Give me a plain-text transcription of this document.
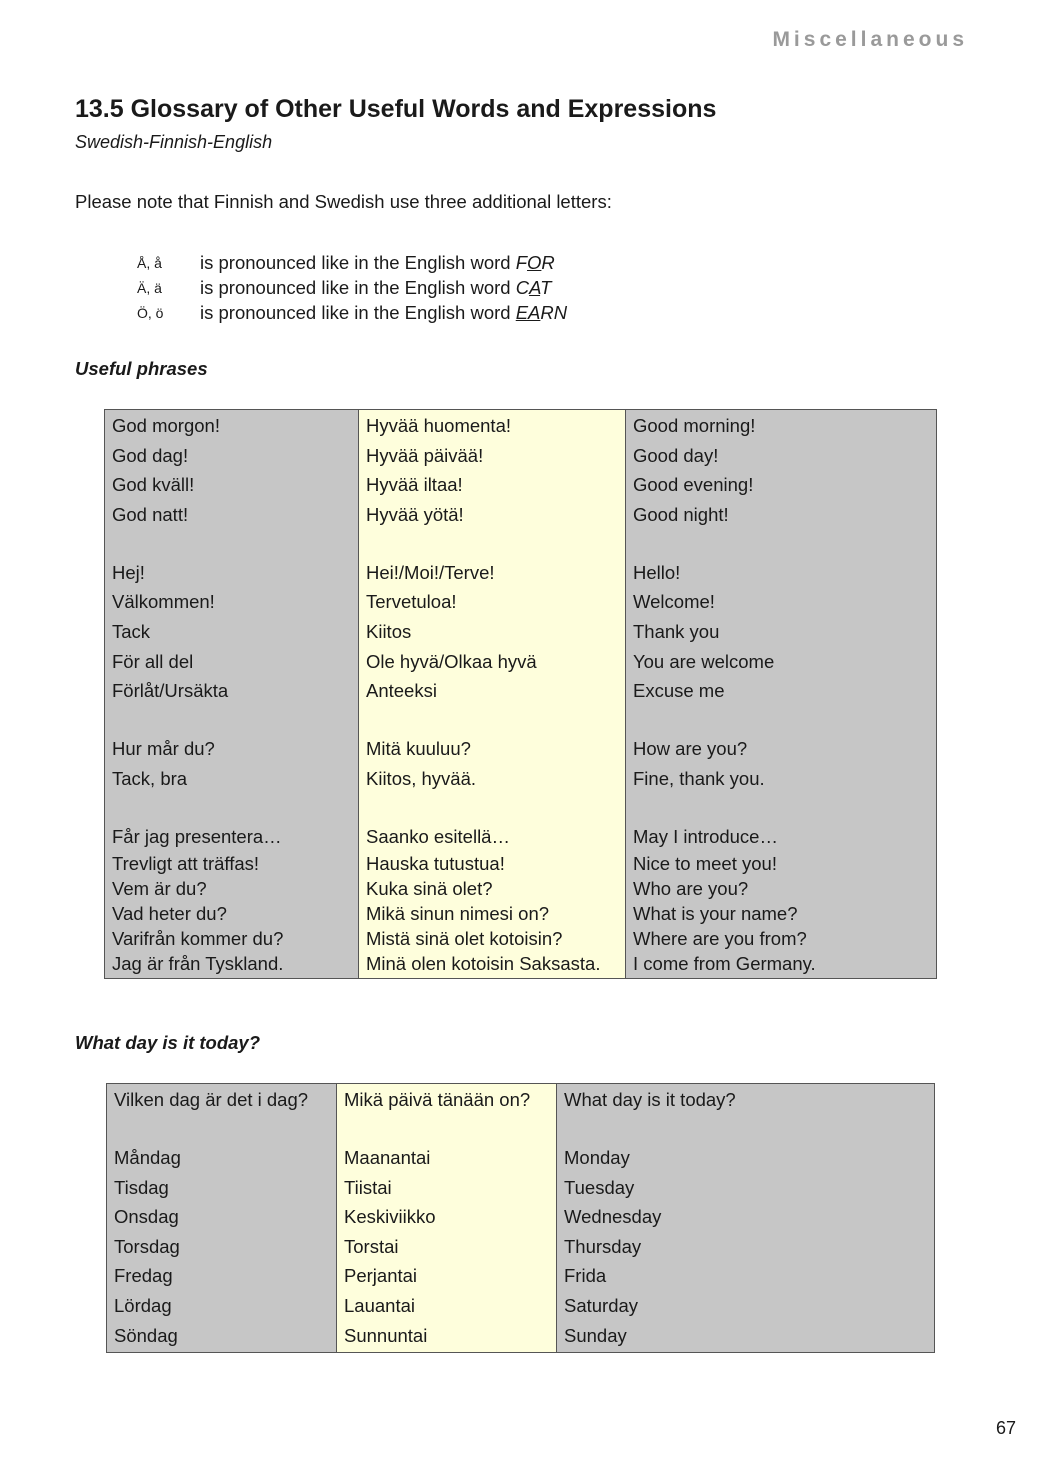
Miscellaneous
13.5 Glossary of Other Useful Words and Expressions
Swedish-Finnish-English
Please note that Finnish and Swedish use three additional letters:
Å, å	is pronounced like in the English word FOR
Ä, ä	is pronounced like in the English word CAT
Ö, ö	is pronounced like in the English word EARN
Useful phrases
God morgon!	Hyvää huomenta!	Good morning!
God dag!	Hyvää päivää!	Good day!
God kväll!	Hyvää iltaa!	Good evening!
God natt!	Hyvää yötä!	Good night!

Hej!	Hei!/Moi!/Terve!	Hello!
Välkommen!	Tervetuloa!	Welcome!
Tack	Kiitos	Thank you
För all del	Ole hyvä/Olkaa hyvä	You are welcome
Förlåt/Ursäkta	Anteeksi	Excuse me

Hur mår du?	Mitä kuuluu?	How are you?
Tack, bra	Kiitos, hyvää.	Fine, thank you.

Får jag presentera…	Saanko esitellä…	May I introduce…
Trevligt att träffas!	Hauska tutustua!	Nice to meet you!
Vem är du?	Kuka sinä olet?	Who are you?
Vad heter du?	Mikä sinun nimesi on?	What is your name?
Varifrån kommer du?	Mistä sinä olet kotoisin?	Where are you from?
Jag är från Tyskland.	Minä olen kotoisin Saksasta.	I come from Germany.
What day is it today?
Vilken dag är det i dag?	Mikä päivä tänään on?	What day is it today?

Måndag	Maanantai	Monday
Tisdag	Tiistai	Tuesday
Onsdag	Keskiviikko	Wednesday
Torsdag	Torstai	Thursday
Fredag	Perjantai	Frida
Lördag	Lauantai	Saturday
Söndag	Sunnuntai	Sunday
67
